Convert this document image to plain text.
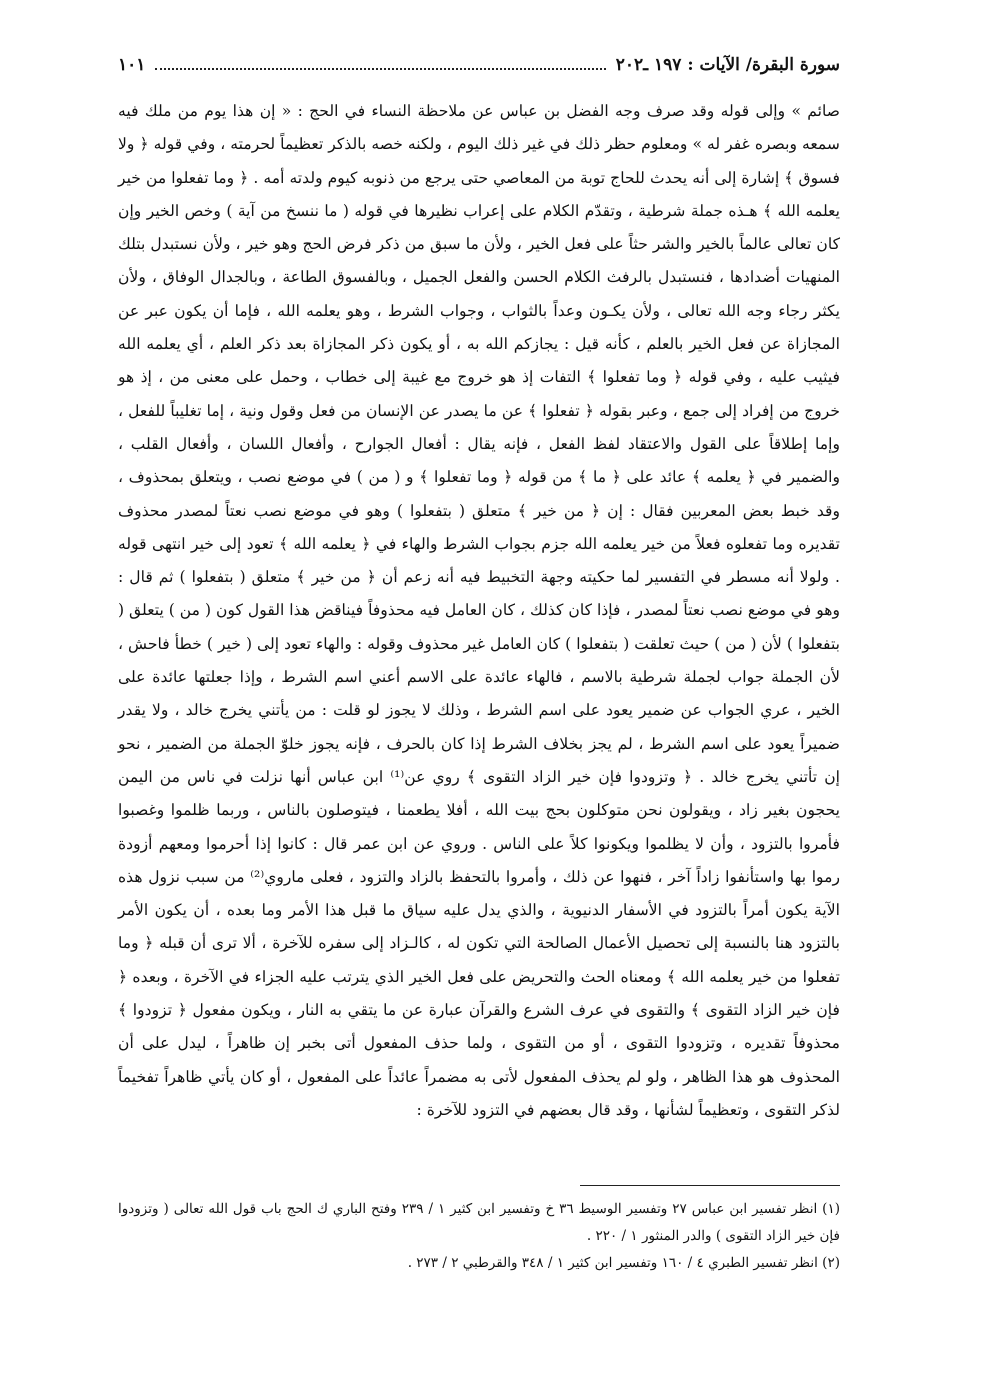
سورة البقرة/ الآيات : ١٩٧ ـ٢٠٢
١٠١

صائم » وإلى قوله وقد صرف وجه الفضل بن عباس عن ملاحظة النساء في الحج : « إن هذا يوم من ملك فيه سمعه وبصره غفر له » ومعلوم حظر ذلك في غير ذلك اليوم ، ولكنه خصه بالذكر تعظيماً لحرمته ، وفي قوله ﴿ ولا فسوق ﴾ إشارة إلى أنه يحدث للحاج توبة من المعاصي حتى يرجع من ذنوبه كيوم ولدته أمه . ﴿ وما تفعلوا من خير يعلمه الله ﴾ هـذه جملة شرطية ، وتقدّم الكلام على إعراب نظيرها في قوله ( ما ننسخ من آية ) وخص الخير وإن كان تعالى عالماً بالخير والشر حثاً على فعل الخير ، ولأن ما سبق من ذكر فرض الحج وهو خير ، ولأن نستبدل بتلك المنهيات أضدادها ، فنستبدل بالرفث الكلام الحسن والفعل الجميل ، وبالفسوق الطاعة ، وبالجدال الوفاق ، ولأن يكثر رجاء وجه الله تعالى ، ولأن يكـون وعداً بالثواب ، وجواب الشرط ، وهو يعلمه الله ، فإما أن يكون عبر عن المجازاة عن فعل الخير بالعلم ، كأنه قيل : يجازكم الله به ، أو يكون ذكر المجازاة بعد ذكر العلم ، أي يعلمه الله فيثيب عليه ، وفي قوله ﴿ وما تفعلوا ﴾ التفات إذ هو خروج مع غيبة إلى خطاب ، وحمل على معنى من ، إذ هو خروج من إفراد إلى جمع ، وعبر بقوله ﴿ تفعلوا ﴾ عن ما يصدر عن الإنسان من فعل وقول ونية ، إما تغليباً للفعل ، وإما إطلاقاً على القول والاعتقاد لفظ الفعل ، فإنه يقال : أفعال الجوارح ، وأفعال اللسان ، وأفعال القلب ، والضمير في ﴿ يعلمه ﴾ عائد على ﴿ ما ﴾ من قوله ﴿ وما تفعلوا ﴾ و ( من ) في موضع نصب ، ويتعلق بمحذوف ، وقد خبط بعض المعربين فقال : إن ﴿ من خير ﴾ متعلق ( بتفعلوا ) وهو في موضع نصب نعتاً لمصدر محذوف تقديره وما تفعلوه فعلاً من خير يعلمه الله جزم بجواب الشرط والهاء في ﴿ يعلمه الله ﴾ تعود إلى خير انتهى قوله . ولولا أنه مسطر في التفسير لما حكيته وجهة التخبيط فيه أنه زعم أن ﴿ من خير ﴾ متعلق ( بتفعلوا ) ثم قال : وهو في موضع نصب نعتاً لمصدر ، فإذا كان كذلك ، كان العامل فيه محذوفاً فيناقض هذا القول كون ( من ) يتعلق ( بتفعلوا ) لأن ( من ) حيث تعلقت ( بتفعلوا ) كان العامل غير محذوف وقوله : والهاء تعود إلى ( خير ) خطأ فاحش ، لأن الجملة جواب لجملة شرطية بالاسم ، فالهاء عائدة على الاسم أعني اسم الشرط ، وإذا جعلتها عائدة على الخير ، عري الجواب عن ضمير يعود على اسم الشرط ، وذلك لا يجوز لو قلت : من يأتني يخرج خالد ، ولا يقدر ضميراً يعود على اسم الشرط ، لم يجز بخلاف الشرط إذا كان بالحرف ، فإنه يجوز خلوّ الجملة من الضمير ، نحو إن تأتني يخرج خالد . ﴿ وتزودوا فإن خير الزاد التقوى ﴾ روي عن⁽¹⁾ ابن عباس أنها نزلت في ناس من اليمن يحجون بغير زاد ، ويقولون نحن متوكلون بحج بيت الله ، أفلا يطعمنا ، فيتوصلون بالناس ، وربما ظلموا وغصبوا فأمروا بالتزود ، وأن لا يظلموا ويكونوا كلاً على الناس . وروي عن ابن عمر قال : كانوا إذا أحرموا ومعهم أزودة رموا بها واستأنفوا زاداً آخر ، فنهوا عن ذلك ، وأمروا بالتحفظ بالزاد والتزود ، فعلى ماروي⁽²⁾ من سبب نزول هذه الآية يكون أمراً بالتزود في الأسفار الدنيوية ، والذي يدل عليه سياق ما قبل هذا الأمر وما بعده ، أن يكون الأمر بالتزود هنا بالنسبة إلى تحصيل الأعمال الصالحة التي تكون له ، كالـزاد إلى سفره للآخرة ، ألا ترى أن قبله ﴿ وما تفعلوا من خير يعلمه الله ﴾ ومعناه الحث والتحريض على فعل الخير الذي يترتب عليه الجزاء في الآخرة ، وبعده ﴿ فإن خير الزاد التقوى ﴾ والتقوى في عرف الشرع والقرآن عبارة عن ما يتقي به النار ، ويكون مفعول ﴿ تزودوا ﴾ محذوفاً تقديره ، وتزودوا التقوى ، أو من التقوى ، ولما حذف المفعول أتى بخبر إن ظاهراً ، ليدل على أن المحذوف هو هذا الظاهر ، ولو لم يحذف المفعول لأتى به مضمراً عائداً على المفعول ، أو كان يأتي ظاهراً تفخيماً لذكر التقوى ، وتعظيماً لشأنها ، وقد قال بعضهم في التزود للآخرة :

(١) انظر تفسير ابن عباس ٢٧ وتفسير الوسيط ٣٦ خ وتفسير ابن كثير ١ / ٢٣٩ وفتح الباري ك الحج باب قول الله تعالى ( وتزودوا فإن خير الزاد التقوى ) والدر المنثور ١ / ٢٢٠ .

(٢) انظر تفسير الطبري ٤ / ١٦٠ وتفسير ابن كثير ١ / ٣٤٨ والقرطبي ٢ / ٢٧٣ .
